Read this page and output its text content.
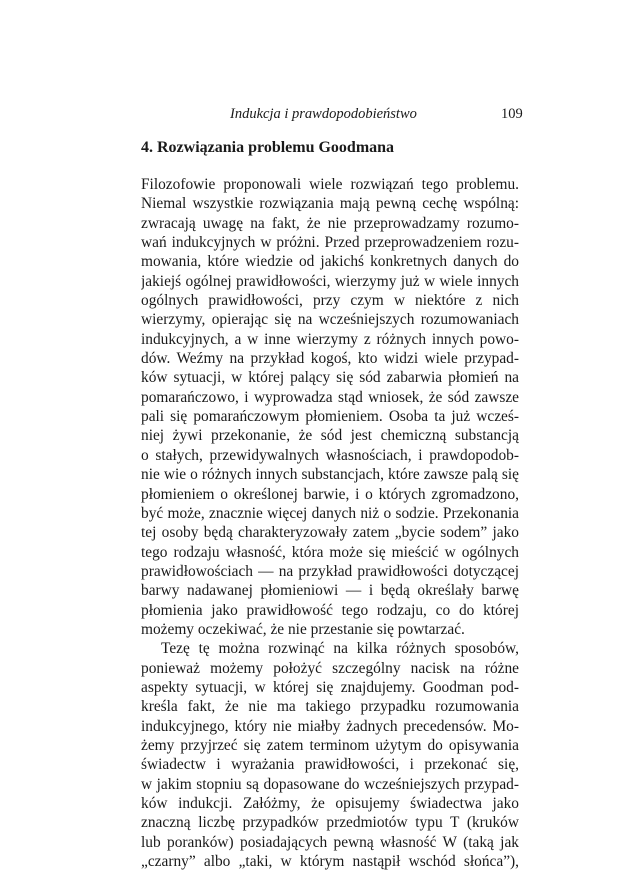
Indukcja i prawdopodobieństwo	109
4. Rozwiązania problemu Goodmana
Filozofowie proponowali wiele rozwiązań tego problemu.
Niemal wszystkie rozwiązania mają pewną cechę wspólną:
zwracają uwagę na fakt, że nie przeprowadzamy rozumo-
wań indukcyjnych w próżni. Przed przeprowadzeniem rozu-
mowania, które wiedzie od jakichś konkretnych danych do
jakiejś ogólnej prawidłowości, wierzymy już w wiele innych
ogólnych prawidłowości, przy czym w niektóre z nich
wierzymy, opierając się na wcześniejszych rozumowaniach
indukcyjnych, a w inne wierzymy z różnych innych powo-
dów. Weźmy na przykład kogoś, kto widzi wiele przypad-
ków sytuacji, w której palący się sód zabarwia płomień na
pomarańczowo, i wyprowadza stąd wniosek, że sód zawsze
pali się pomarańczowym płomieniem. Osoba ta już wcześ-
niej żywi przekonanie, że sód jest chemiczną substancją
o stałych, przewidywalnych własnościach, i prawdopodob-
nie wie o różnych innych substancjach, które zawsze palą się
płomieniem o określonej barwie, i o których zgromadzono,
być może, znacznie więcej danych niż o sodzie. Przekonania
tej osoby będą charakteryzowały zatem „bycie sodem” jako
tego rodzaju własność, która może się mieścić w ogólnych
prawidłowościach — na przykład prawidłowości dotyczącej
barwy nadawanej płomieniowi — i będą określały barwę
płomienia jako prawidłowość tego rodzaju, co do której
możemy oczekiwać, że nie przestanie się powtarzać.
Tezę tę można rozwinąć na kilka różnych sposobów,
ponieważ możemy położyć szczególny nacisk na różne
aspekty sytuacji, w której się znajdujemy. Goodman pod-
kreśla fakt, że nie ma takiego przypadku rozumowania
indukcyjnego, który nie miałby żadnych precedensów. Mo-
żemy przyjrzeć się zatem terminom użytym do opisywania
świadectw i wyrażania prawidłowości, i przekonać się,
w jakim stopniu są dopasowane do wcześniejszych przypad-
ków indukcji. Załóżmy, że opisujemy świadectwa jako
znaczną liczbę przypadków przedmiotów typu T (kruków
lub poranków) posiadających pewną własność W (taką jak
„czarny” albo „taki, w którym nastąpił wschód słońca”),
